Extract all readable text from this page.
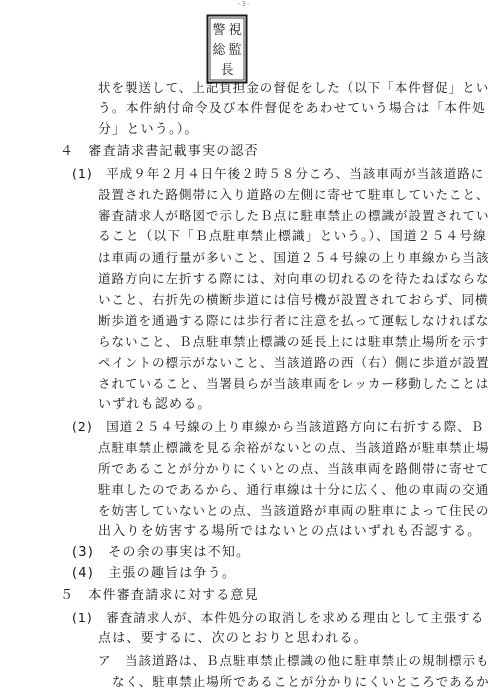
-3-
警 視
総 監
長
状を製送して、上記負担金の督促をした（以下「本件督促」とい
う。本件納付命令及び本件督促をあわせていう場合は「本件処
分」という。）。
４　審査請求書記載事実の認否
(1)　平成９年２月４日午後２時５８分ころ、当該車両が当該道路に
設置された路側帯に入り道路の左側に寄せて駐車していたこと、
審査請求人が略図で示したＢ点に駐車禁止の標識が設置されてい
ること（以下「Ｂ点駐車禁止標識」という。）、国道２５４号線
は車両の通行量が多いこと、国道２５４号線の上り車線から当該
道路方向に左折する際には、対向車の切れるのを待たねばならな
いこと、右折先の横断歩道には信号機が設置されておらず、同横
断歩道を通過する際には歩行者に注意を払って運転しなければな
らないこと、Ｂ点駐車禁止標識の延長上には駐車禁止場所を示す
ペイントの標示がないこと、当該道路の西（右）側に歩道が設置
されていること、当署員らが当該車両をレッカー移動したことは
いずれも認める。
(2)　国道２５４号線の上り車線から当該道路方向に右折する際、Ｂ
点駐車禁止標識を見る余裕がないとの点、当該道路が駐車禁止場
所であることが分かりにくいとの点、当該車両を路側帯に寄せて
駐車したのであるから、通行車線は十分に広く、他の車両の交通
を妨害していないとの点、当該道路が車両の駐車によって住民の
出入りを妨害する場所ではないとの点はいずれも否認する。
(3)　その余の事実は不知。
(4)　主張の趣旨は争う。
５　本件審査請求に対する意見
(1)　審査請求人が、本件処分の取消しを求める理由として主張する
点は、要するに、次のとおりと思われる。
ア　当該道路は、Ｂ点駐車禁止標識の他に駐車禁止の規制標示も
なく、駐車禁止場所であることが分かりにくいところであるか
